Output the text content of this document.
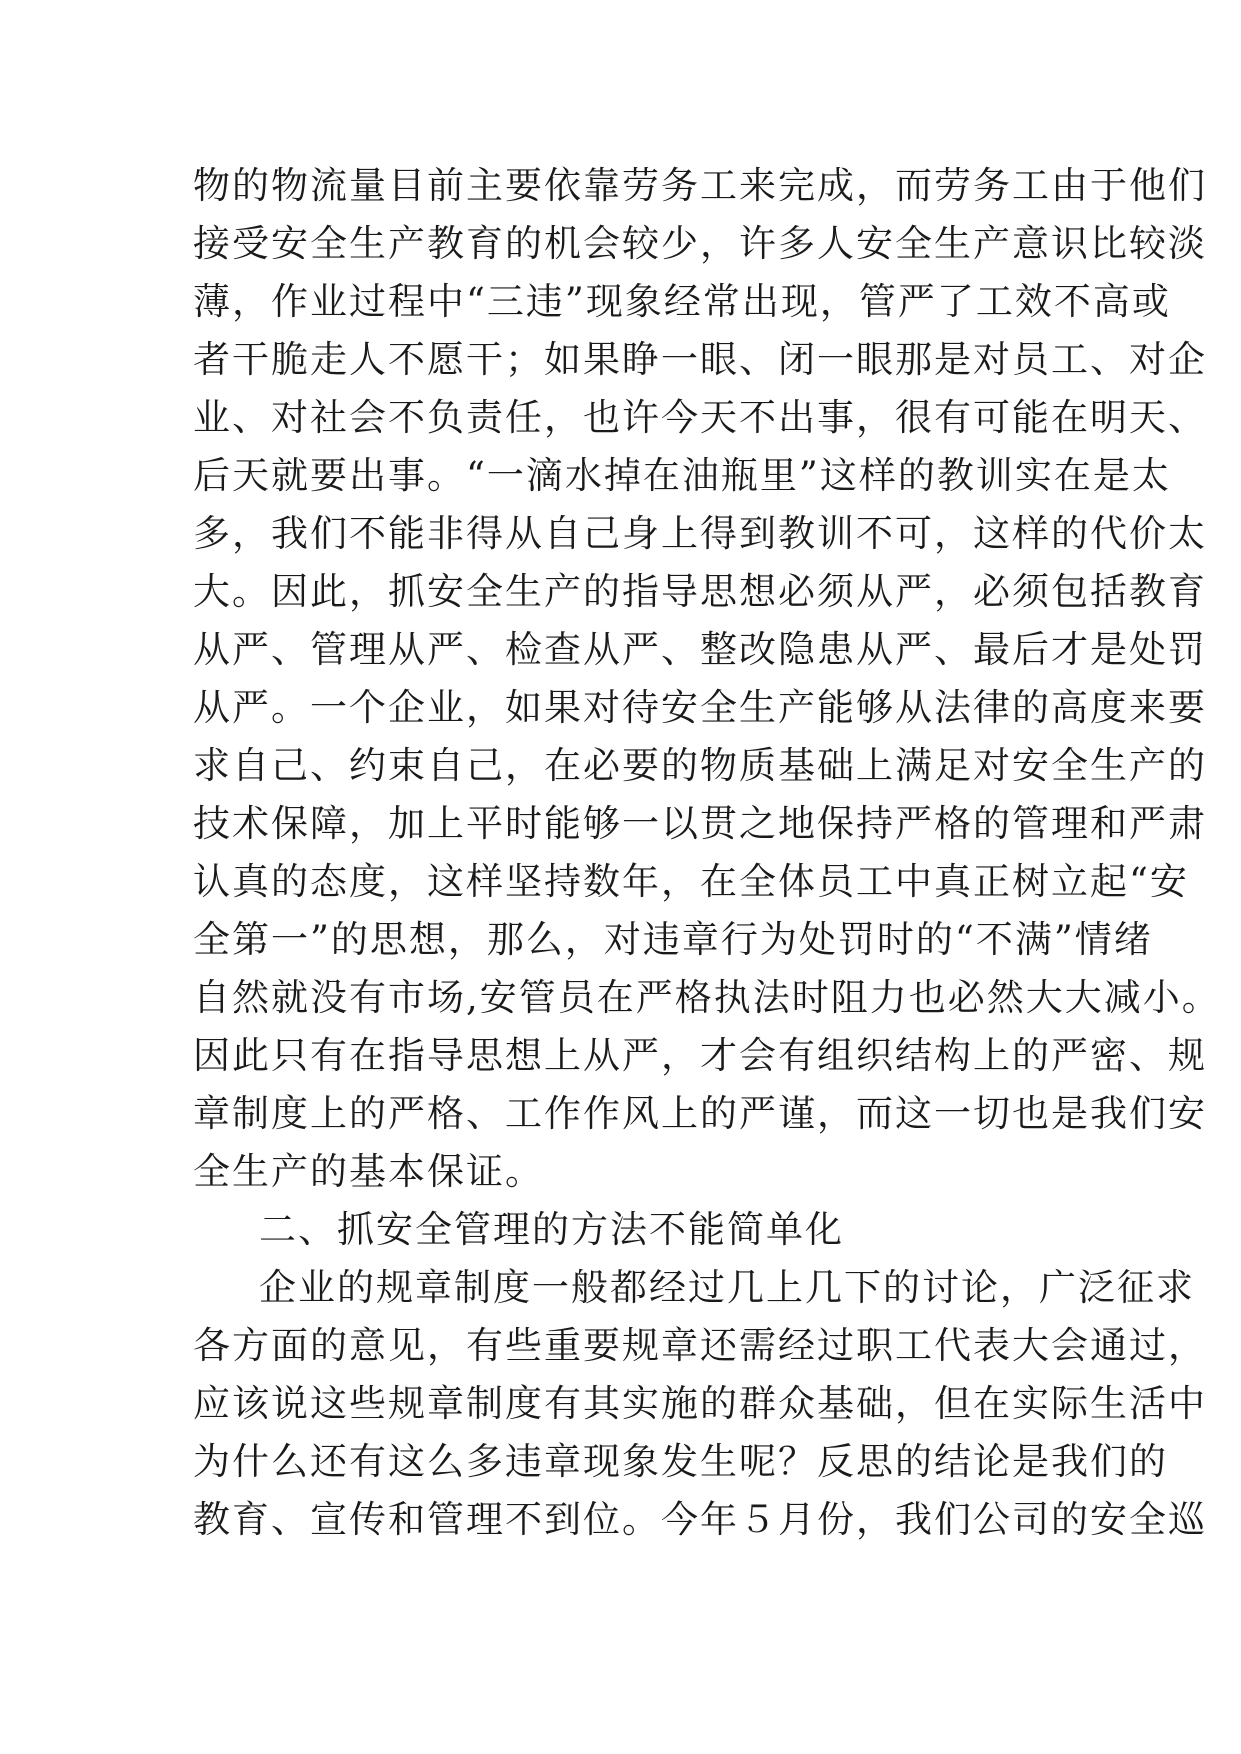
物的物流量目前主要依靠劳务工来完成，而劳务工由于他们
接受安全生产教育的机会较少，许多人安全生产意识比较淡
薄，作业过程中“三违”现象经常出现，管严了工效不高或
者干脆走人不愿干；如果睁一眼、闭一眼那是对员工、对企
业、对社会不负责任，也许今天不出事，很有可能在明天、
后天就要出事。“一滴水掉在油瓶里”这样的教训实在是太
多，我们不能非得从自己身上得到教训不可，这样的代价太
大。因此，抓安全生产的指导思想必须从严，必须包括教育
从严、管理从严、检查从严、整改隐患从严、最后才是处罚
从严。一个企业，如果对待安全生产能够从法律的高度来要
求自己、约束自己，在必要的物质基础上满足对安全生产的
技术保障，加上平时能够一以贯之地保持严格的管理和严肃
认真的态度，这样坚持数年，在全体员工中真正树立起“安
全第一”的思想，那么，对违章行为处罚时的“不满”情绪
自然就没有市场,安管员在严格执法时阻力也必然大大减小。
因此只有在指导思想上从严，才会有组织结构上的严密、规
章制度上的严格、工作作风上的严谨，而这一切也是我们安
全生产的基本保证。
二、抓安全管理的方法不能简单化
企业的规章制度一般都经过几上几下的讨论，广泛征求
各方面的意见，有些重要规章还需经过职工代表大会通过，
应该说这些规章制度有其实施的群众基础，但在实际生活中
为什么还有这么多违章现象发生呢？反思的结论是我们的
教育、宣传和管理不到位。今年５月份，我们公司的安全巡
